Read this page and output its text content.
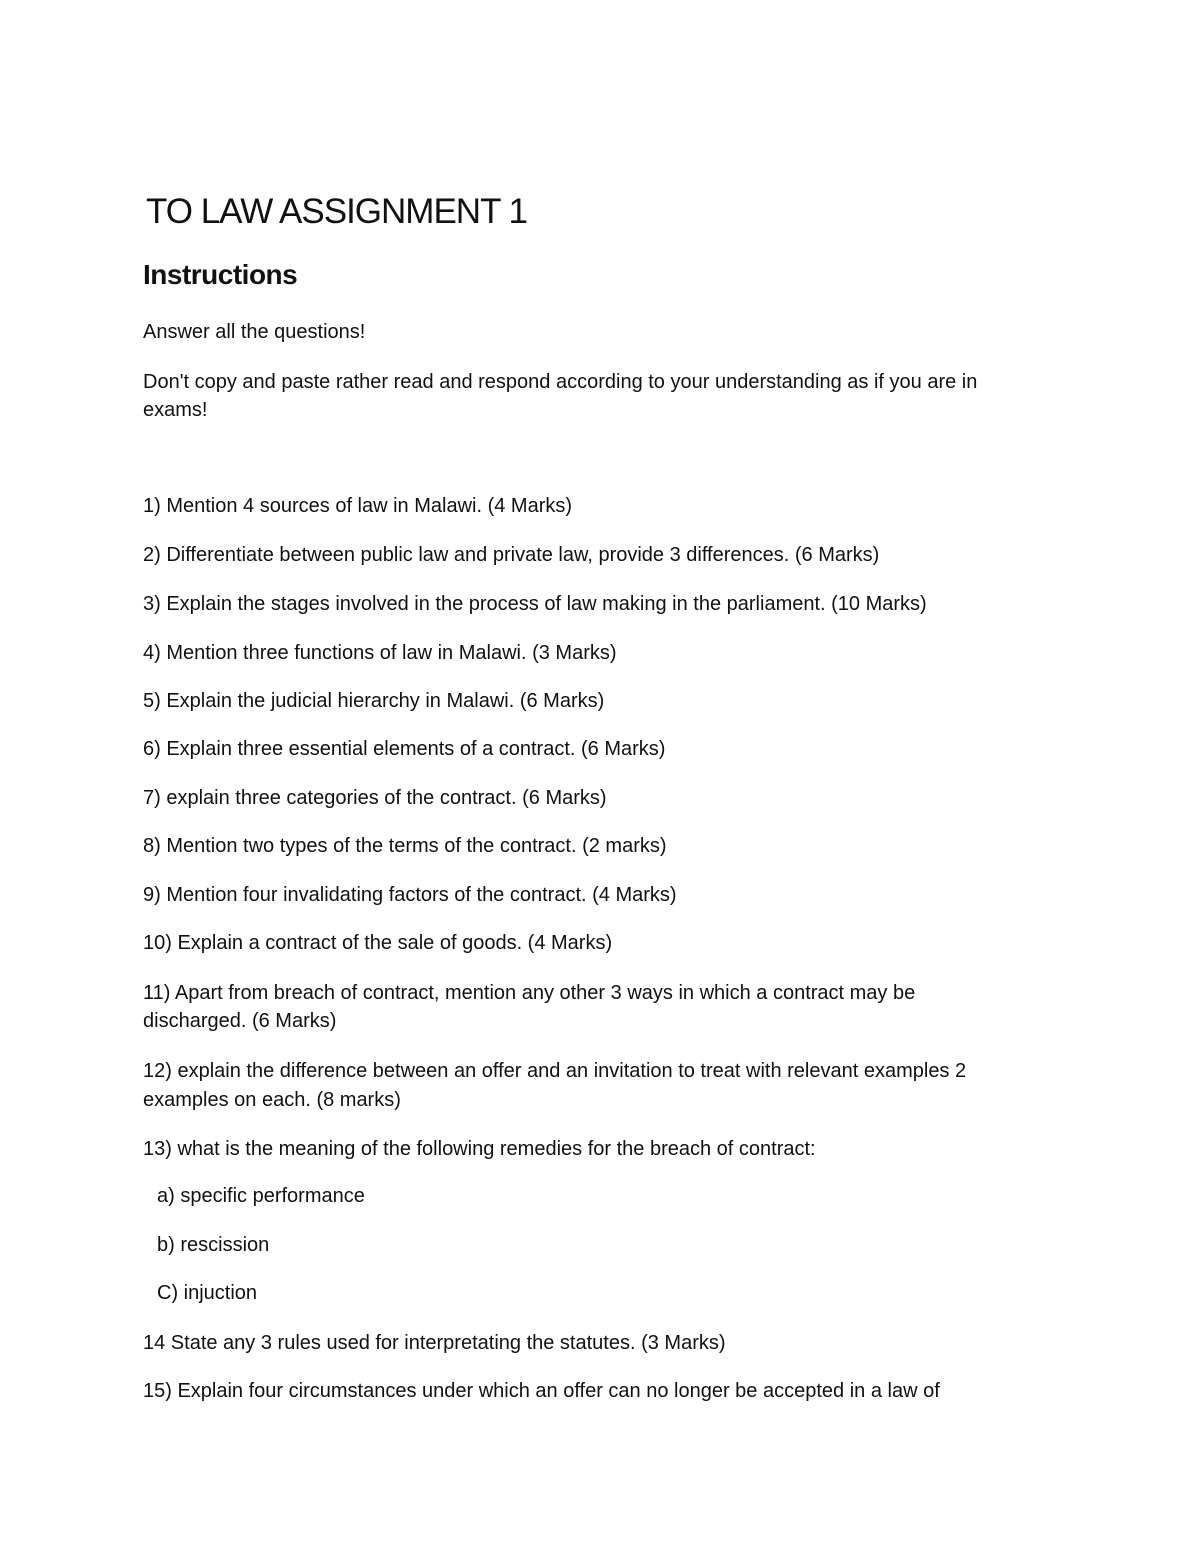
TO LAW ASSIGNMENT 1
Instructions

Answer all the questions!

Don't copy and paste rather read and respond according to your understanding as if you are in

exams!

1) Mention 4 sources of law in Malawi. (4 Marks)

2) Differentiate between public law and private law, provide 3 differences. (6 Marks)

3) Explain the stages involved in the process of law making in the parliament. (10 Marks)

4) Mention three functions of law in Malawi. (3 Marks)

5) Explain the judicial hierarchy in Malawi. (6 Marks)

6) Explain three essential elements of a contract. (6 Marks)

7) explain three categories of the contract. (6 Marks)

8) Mention two types of the terms of the contract. (2 marks)

9) Mention four invalidating factors of the contract. (4 Marks)

10) Explain a contract of the sale of goods. (4 Marks)

11) Apart from breach of contract, mention any other 3 ways in which a contract may be

discharged. (6 Marks)

12) explain the difference between an offer and an invitation to treat with relevant examples 2

examples on each. (8 marks)

13) what is the meaning of the following remedies for the breach of contract:

a) specific performance

b) rescission

C) injuction

14 State any 3 rules used for interpretating the statutes. (3 Marks)

15) Explain four circumstances under which an offer can no longer be accepted in a law of
